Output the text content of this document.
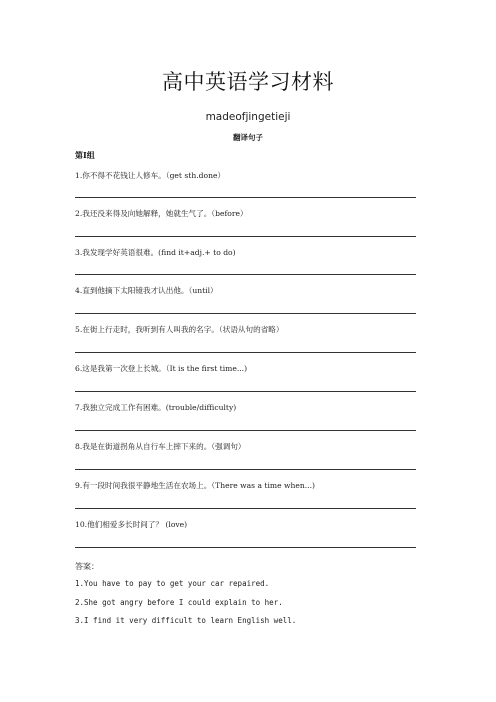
高中英语学习材料
madeofjingetieji
翻译句子
第Ⅰ组
1.你不得不花钱让人修车。（get sth.done）
2.我还没来得及向她解释，她就生气了。（before）
3.我发现学好英语很难。(find it+adj.+ to do)
4.直到他摘下太阳镜我才认出他。（until）
5.在街上行走时，我听到有人叫我的名字。（状语从句的省略）
6.这是我第一次登上长城。（It is the first time...)
7.我独立完成工作有困难。(trouble/difficulty)
8.我是在街道拐角从自行车上摔下来的。（强调句）
9.有一段时间我很平静地生活在农场上。（There was a time when...)
10.他们相爱多长时间了？ (love)
答案：
1.You have to pay to get your car repaired.
2.She got angry before I could explain to her.
3.I find it very difficult to learn English well.
